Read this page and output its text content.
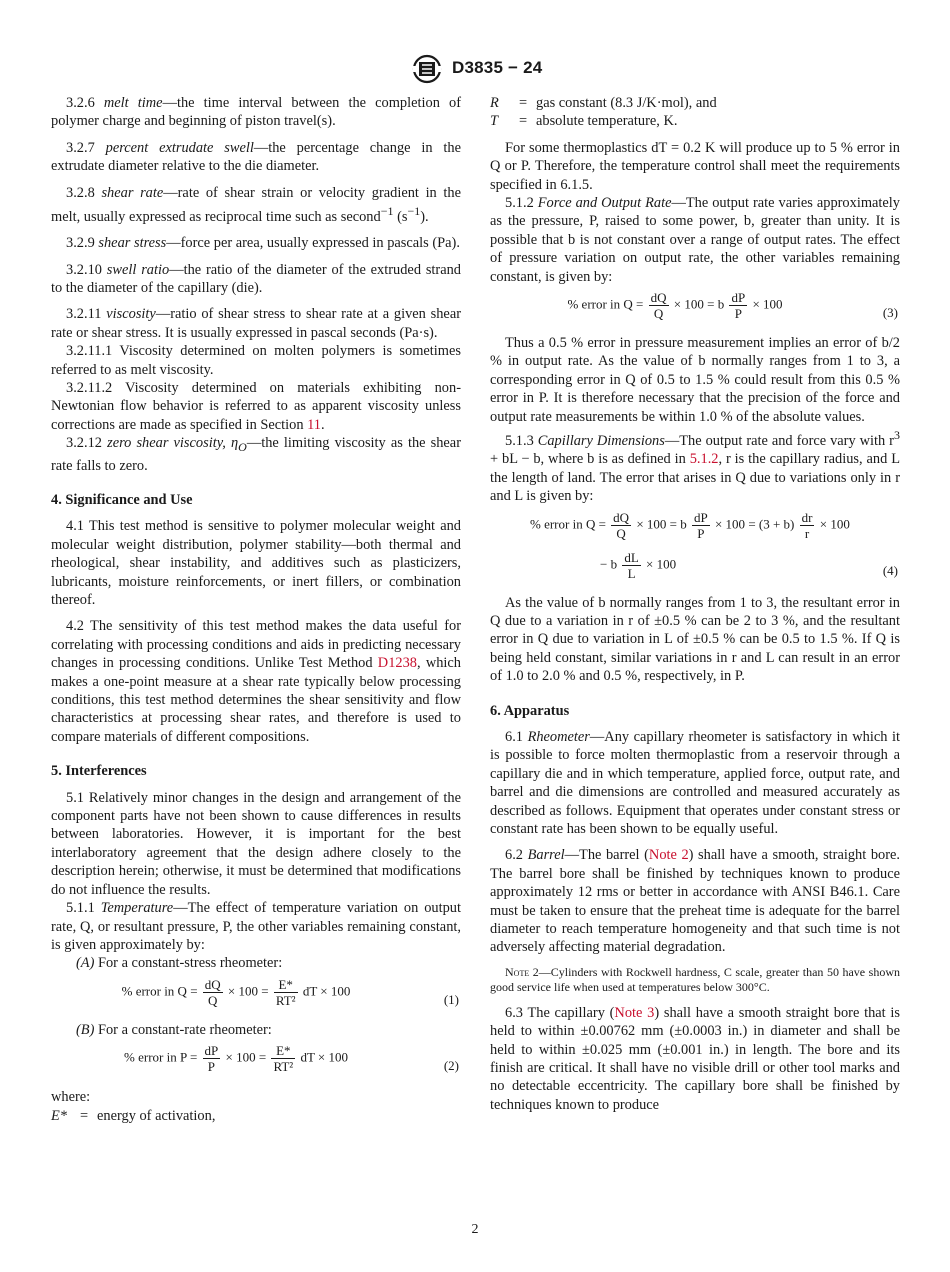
D3835 − 24

3.2.6 melt time—the time interval between the completion of polymer charge and beginning of piston travel(s).

3.2.7 percent extrudate swell—the percentage change in the extrudate diameter relative to the die diameter.

3.2.8 shear rate—rate of shear strain or velocity gradient in the melt, usually expressed as reciprocal time such as second$^{-1}$ $(s^{-1})$.

3.2.9 shear stress—force per area, usually expressed in pascals (Pa).

3.2.10 swell ratio—the ratio of the diameter of the extruded strand to the diameter of the capillary (die).

3.2.11 viscosity—ratio of shear stress to shear rate at a given shear rate or shear stress. It is usually expressed in pascal seconds (Pa·s).

3.2.11.1 Viscosity determined on molten polymers is sometimes referred to as melt viscosity.

3.2.11.2 Viscosity determined on materials exhibiting non-Newtonian flow behavior is referred to as apparent viscosity unless corrections are made as specified in Section 11.

3.2.12 zero shear viscosity, $\eta_O—the$ limiting viscosity as the shear rate falls to zero.

4. Significance and Use

4.1 This test method is sensitive to polymer molecular weight and molecular weight distribution, polymer stability—both thermal and rheological, shear instability, and additives such as plasticizers, lubricants, moisture reinforcements, or inert fillers, or combination thereof.

4.2 The sensitivity of this test method makes the data useful for correlating with processing conditions and aids in predicting necessary changes in processing conditions. Unlike Test Method D1238, which makes a one-point measure at a shear rate typically below processing conditions, this test method determines the shear sensitivity and flow characteristics at processing shear rates, and therefore is used to compare materials of different compositions.

5. Interferences

5.1 Relatively minor changes in the design and arrangement of the component parts have not been shown to cause differences in results between laboratories. However, it is important for the best interlaboratory agreement that the design adhere closely to the description herein; otherwise, it must be determined that modifications do not influence the results.

5.1.1 Temperature—The effect of temperature variation on output rate, Q, or resultant pressure, P, the other variables remaining constant, is given approximately by:

(A) For a constant-stress rheometer:

% error in $Q = \frac{dQ}{Q} \times 100 = \frac{E*}{\text{RT²}}$ dT × 100
(1)

(B) For a constant-rate rheometer:

% error in $P = \frac{dP}{P} \times 100 = \frac{E*}{\text{RT²}}$ dT × 100
(2)

where:

E*	=	energy of activation,
R	=	gas constant (8.3 J/K·mol), and
T	=	absolute temperature, K.

For some thermoplastics dT = 0.2 K will produce up to 5 % error in Q or P. Therefore, the temperature control shall meet the requirements specified in 6.1.5.

5.1.2 Force and Output Rate—The output rate varies approximately as the pressure, P, raised to some power, b, greater than unity. It is possible that b is not constant over a range of output rates. The effect of pressure variation on output rate, the other variables remaining constant, is given by:

% error in $Q = \frac{dQ}{Q} \times 100 = b \frac{dP}{P} \times 100$
(3)

Thus a 0.5 % error in pressure measurement implies an error of b/2 % in output rate. As the value of b normally ranges from 1 to 3, a corresponding error in Q of 0.5 to 1.5 % could result from this 0.5 % error in P. It is therefore necessary that the precision of the force and output rate measurements be within 1.0 % of the absolute values.

5.1.3 Capillary Dimensions—The output rate and force vary with $r^3$ + bL − b, where b is as defined in 5.1.2, r is the capillary radius, and L the length of land. The error that arises in Q due to variations only in r and L is given by:

% error in $Q = \frac{dQ}{Q} \times 100 = b \frac{dP}{P} \times 100 = (3 + b) \frac{dr}{r} \times 100$
− b $\frac{dL}{L} \times 100$	(4)

As the value of b normally ranges from 1 to 3, the resultant error in Q due to a variation in r of ±0.5 % can be 2 to 3 %, and the resultant error in Q due to variation in L of ±0.5 % can be 0.5 to 1.5 %. If Q is being held constant, similar variations in r and L can result in an error of 1.0 to 2.0 % and 0.5 %, respectively, in P.

6. Apparatus

6.1 Rheometer—Any capillary rheometer is satisfactory in which it is possible to force molten thermoplastic from a reservoir through a capillary die and in which temperature, applied force, output rate, and barrel and die dimensions are controlled and measured accurately as described as follows. Equipment that operates under constant stress or constant rate has been shown to be equally useful.

6.2 Barrel—The barrel (Note 2) shall have a smooth, straight bore. The barrel bore shall be finished by techniques known to produce approximately 12 rms or better in accordance with ANSI B46.1. Care must be taken to ensure that the preheat time is adequate for the barrel diameter to reach temperature homogeneity and that such time is not adversely affecting material degradation.

Note 2—Cylinders with Rockwell hardness, C scale, greater than 50 have shown good service life when used at temperatures below 300°C.

6.3 The capillary (Note 3) shall have a smooth straight bore that is held to within ±0.00762 mm (±0.0003 in.) in diameter and shall be held to within ±0.025 mm (±0.001 in.) in length. The bore and its finish are critical. It shall have no visible drill or other tool marks and no detectable eccentricity. The capillary bore shall be finished by techniques known to produce

2
